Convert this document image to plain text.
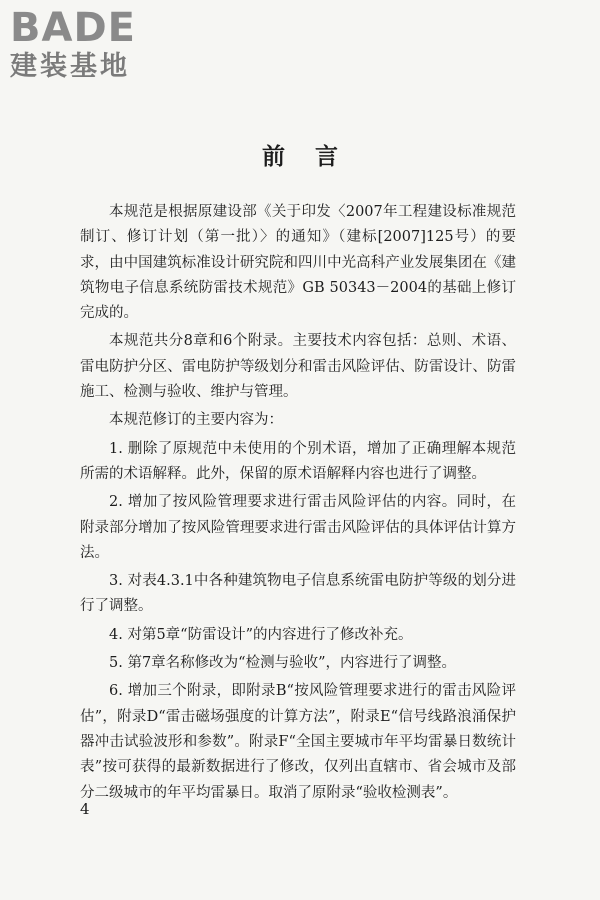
BADE
建装基地
前言

本规范是根据原建设部《关于印发〈2007年工程建设标准规范制订、修订计划（第一批）〉的通知》（建标[2007]125号）的要求，由中国建筑标准设计研究院和四川中光高科产业发展集团在《建筑物电子信息系统防雷技术规范》GB 50343－2004的基础上修订完成的。

本规范共分8章和6个附录。主要技术内容包括：总则、术语、雷电防护分区、雷电防护等级划分和雷击风险评估、防雷设计、防雷施工、检测与验收、维护与管理。

本规范修订的主要内容为：

1. 删除了原规范中未使用的个别术语，增加了正确理解本规范所需的术语解释。此外，保留的原术语解释内容也进行了调整。

2. 增加了按风险管理要求进行雷击风险评估的内容。同时，在附录部分增加了按风险管理要求进行雷击风险评估的具体评估计算方法。

3. 对表4.3.1中各种建筑物电子信息系统雷电防护等级的划分进行了调整。

4. 对第5章“防雷设计”的内容进行了修改补充。

5. 第7章名称修改为“检测与验收”，内容进行了调整。

6. 增加三个附录，即附录B“按风险管理要求进行的雷击风险评估”，附录D“雷击磁场强度的计算方法”，附录E“信号线路浪涌保护器冲击试验波形和参数”。附录F“全国主要城市年平均雷暴日数统计表”按可获得的最新数据进行了修改，仅列出直辖市、省会城市及部分二级城市的年平均雷暴日。取消了原附录“验收检测表”。

4
